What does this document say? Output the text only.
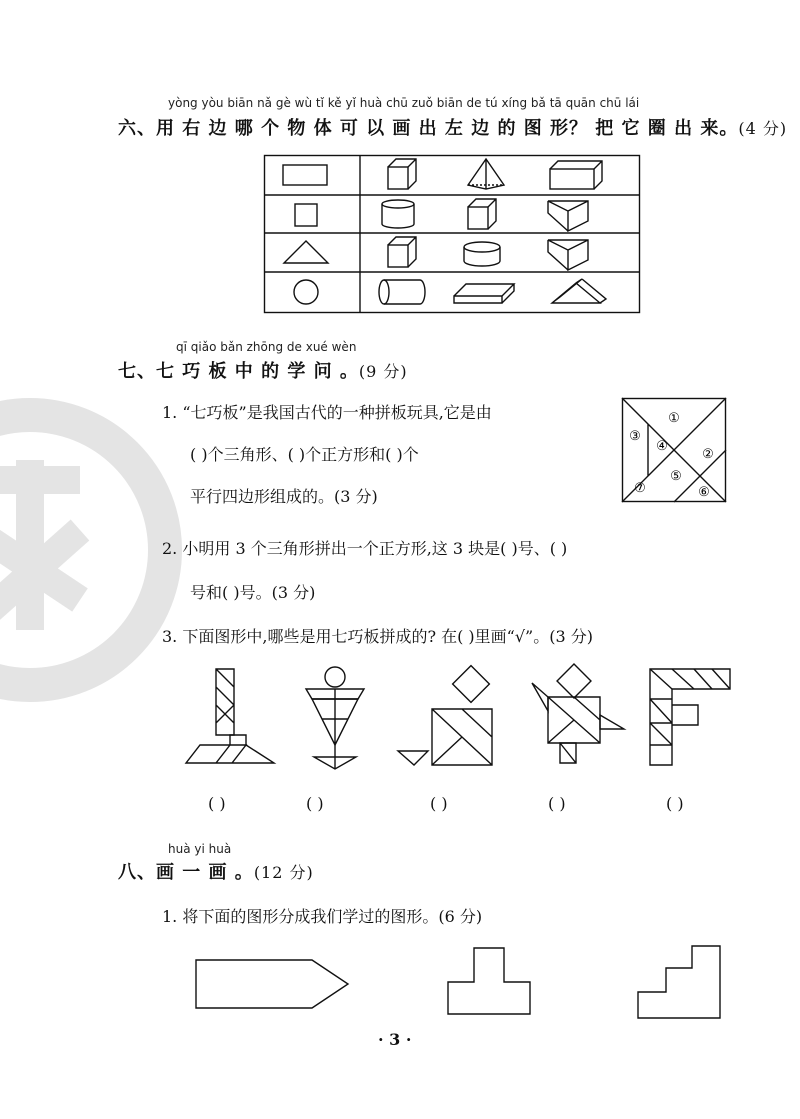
yòng yòu biān nǎ gè wù tǐ kě yǐ huà chū zuǒ biān de tú xíng bǎ tā quān chū lái
六、用 右 边 哪 个 物 体 可 以 画 出 左 边 的 图 形？ 把 它 圈 出 来。(4 分)
qī qiǎo bǎn zhōng de xué wèn
七、七 巧 板 中 的 学 问 。(9 分)
1. “七巧板”是我国古代的一种拼板玩具,它是由
( )个三角形、( )个正方形和( )个
平行四边形组成的。(3 分)
①
②
③
④
⑤
⑥
⑦
2. 小明用 3 个三角形拼出一个正方形,这 3 块是( )号、( )
号和( )号。(3 分)
3. 下面图形中,哪些是用七巧板拼成的? 在( )里画“√”。(3 分)
( )	( )	( )	( )	( )
huà yi huà
八、画 一 画 。(12 分)
1. 将下面的图形分成我们学过的图形。(6 分)
· 3 ·
